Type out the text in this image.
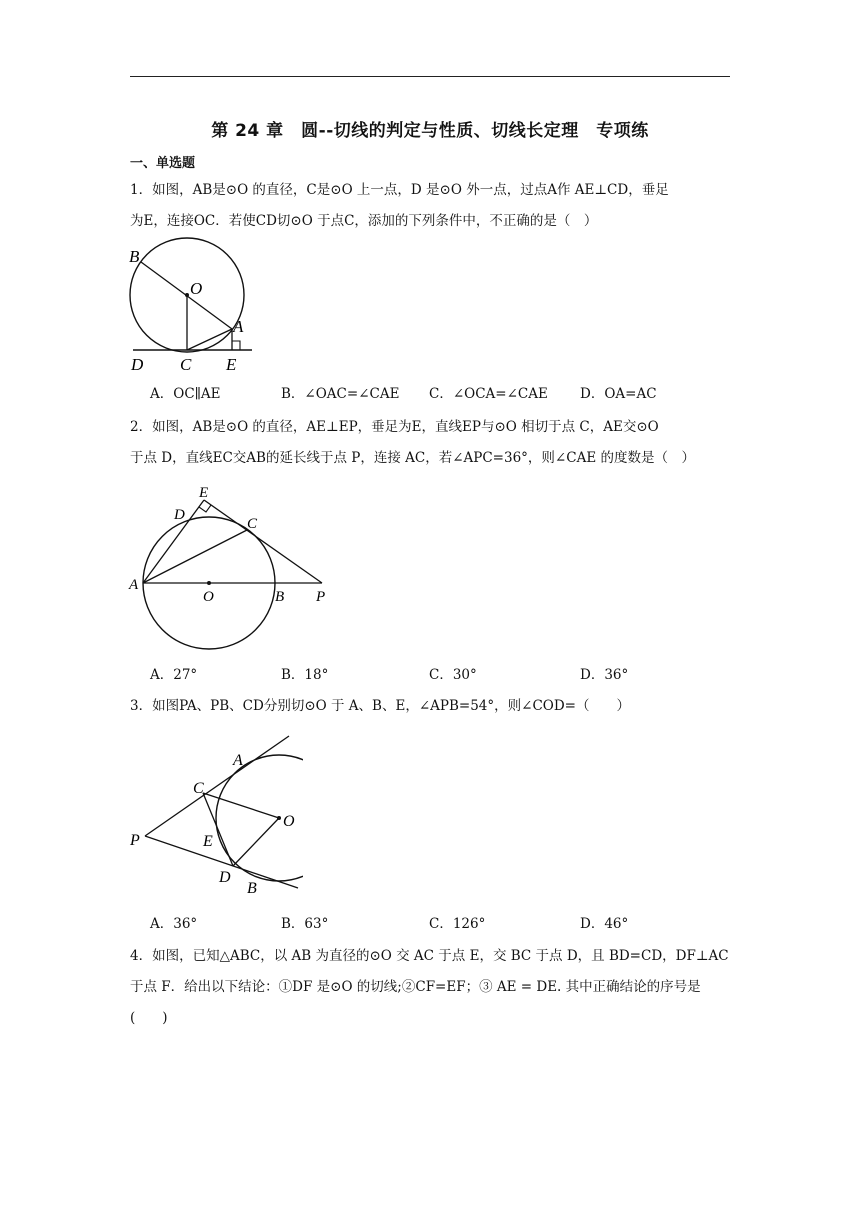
第 24 章　圆--切线的判定与性质、切线长定理　专项练
一、单选题
1．如图，AB是⊙O 的直径，C是⊙O 上一点，D 是⊙O 外一点，过点A作 AE⊥CD，垂足
为E，连接OC．若使CD切⊙O 于点C，添加的下列条件中，不正确的是（　）
B
O
A
D C E
A．OC∥AE	B．∠OAC=∠CAE C．∠OCA=∠CAE D．OA=AC
2．如图，AB是⊙O 的直径，AE⊥EP，垂足为E，直线EP与⊙O 相切于点 C，AE交⊙O
于点 D，直线EC交AB的延长线于点 P，连接 AC，若∠APC=36°，则∠CAE 的度数是（　）
E
D
C
A
O	B P
A．27°	B．18°	C．30°	D．36°
3．如图PA、PB、CD分别切⊙O 于 A、B、E，∠APB=54°，则∠COD=（　　）
A
C
O
P	E
D
B
A．36°	B．63°	C．126°	D．46°
4．如图，已知△ABC，以 AB 为直径的⊙O 交 AC 于点 E，交 BC 于点 D，且 BD=CD，DF⊥AC
于点 F．给出以下结论：①DF 是⊙O 的切线;②CF=EF；③ AE = DE. 其中正确结论的序号是
(　　)
